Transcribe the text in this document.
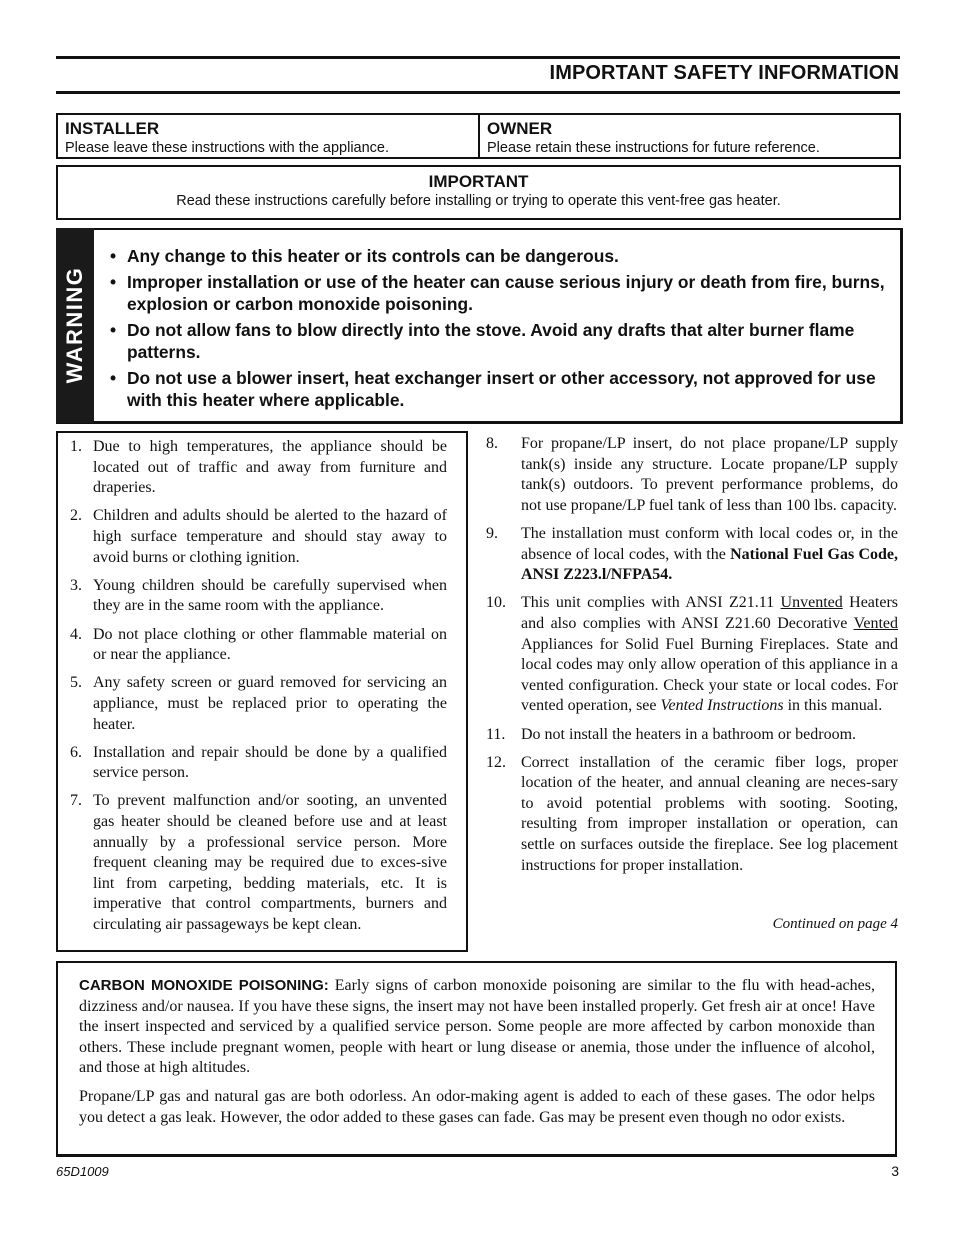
IMPORTANT SAFETY INFORMATION
INSTALLER
Please leave these instructions with the appliance.
OWNER
Please retain these instructions for future reference.
IMPORTANT
Read these instructions carefully before installing or trying to operate this vent-free gas heater.
WARNING
• Any change to this heater or its controls can be dangerous.
• Improper installation or use of the heater can cause serious injury or death from fire, burns, explosion or carbon monoxide poisoning.
• Do not allow fans to blow directly into the stove. Avoid any drafts that alter burner flame patterns.
• Do not use a blower insert, heat exchanger insert or other accessory, not approved for use with this heater where applicable.
1. Due to high temperatures, the appliance should be located out of traffic and away from furniture and draperies.
2. Children and adults should be alerted to the hazard of high surface temperature and should stay away to avoid burns or clothing ignition.
3. Young children should be carefully supervised when they are in the same room with the appliance.
4. Do not place clothing or other flammable material on or near the appliance.
5. Any safety screen or guard removed for servicing an appliance, must be replaced prior to operating the heater.
6. Installation and repair should be done by a qualified service person.
7. To prevent malfunction and/or sooting, an unvented gas heater should be cleaned before use and at least annually by a professional service person. More frequent cleaning may be required due to exces-sive lint from carpeting, bedding materials, etc. It is imperative that control compartments, burners and circulating air passageways be kept clean.
8. For propane/LP insert, do not place propane/LP supply tank(s) inside any structure. Locate propane/LP supply tank(s) outdoors. To prevent performance problems, do not use propane/LP fuel tank of less than 100 lbs. capacity.
9. The installation must conform with local codes or, in the absence of local codes, with the National Fuel Gas Code, ANSI Z223.l/NFPA54.
10. This unit complies with ANSI Z21.11 Unvented Heaters and also complies with ANSI Z21.60 Decorative Vented Appliances for Solid Fuel Burning Fireplaces. State and local codes may only allow operation of this appliance in a vented configuration. Check your state or local codes. For vented operation, see Vented Instructions in this manual.
11. Do not install the heaters in a bathroom or bedroom.
12. Correct installation of the ceramic fiber logs, proper location of the heater, and annual cleaning are neces-sary to avoid potential problems with sooting. Sooting, resulting from improper installation or operation, can settle on surfaces outside the fireplace. See log placement instructions for proper installation.
Continued on page 4

CARBON MONOXIDE POISONING: Early signs of carbon monoxide poisoning are similar to the flu with head-aches, dizziness and/or nausea. If you have these signs, the insert may not have been installed properly. Get fresh air at once! Have the insert inspected and serviced by a qualified service person. Some people are more affected by carbon monoxide than others. These include pregnant women, people with heart or lung disease or anemia, those under the influence of alcohol, and those at high altitudes.

Propane/LP gas and natural gas are both odorless. An odor-making agent is added to each of these gases. The odor helps you detect a gas leak. However, the odor added to these gases can fade. Gas may be present even though no odor exists.

65D1009	3
